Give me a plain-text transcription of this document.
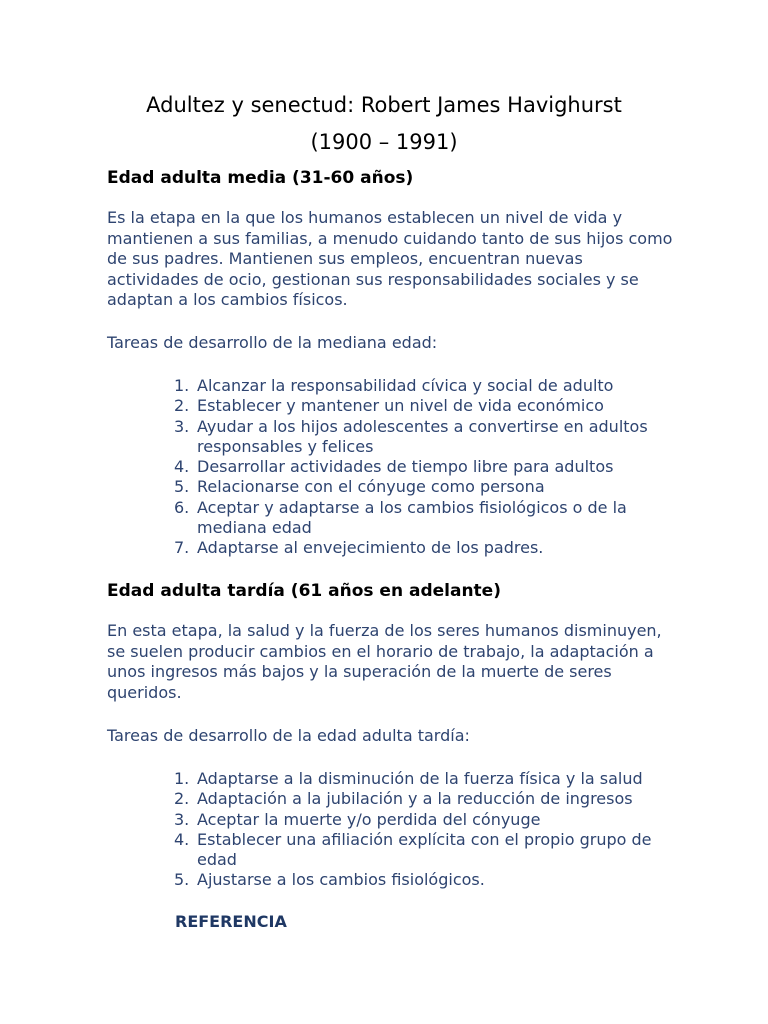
Adultez y senectud: Robert James Havighurst
(1900 – 1991)
Edad adulta media (31-60 años)

Es la etapa en la que los humanos establecen un nivel de vida y mantienen a sus familias, a menudo cuidando tanto de sus hijos como de sus padres. Mantienen sus empleos, encuentran nuevas actividades de ocio, gestionan sus responsabilidades sociales y se adaptan a los cambios físicos.

Tareas de desarrollo de la mediana edad:

1. Alcanzar la responsabilidad cívica y social de adulto
2. Establecer y mantener un nivel de vida económico
3. Ayudar a los hijos adolescentes a convertirse en adultos responsables y felices
4. Desarrollar actividades de tiempo libre para adultos
5. Relacionarse con el cónyuge como persona
6. Aceptar y adaptarse a los cambios fisiológicos o de la mediana edad
7. Adaptarse al envejecimiento de los padres.
Edad adulta tardía (61 años en adelante)

En esta etapa, la salud y la fuerza de los seres humanos disminuyen, se suelen producir cambios en el horario de trabajo, la adaptación a unos ingresos más bajos y la superación de la muerte de seres queridos.

Tareas de desarrollo de la edad adulta tardía:

1. Adaptarse a la disminución de la fuerza física y la salud
2. Adaptación a la jubilación y a la reducción de ingresos
3. Aceptar la muerte y/o perdida del cónyuge
4. Establecer una afiliación explícita con el propio grupo de edad
5. Ajustarse a los cambios fisiológicos.

REFERENCIA
